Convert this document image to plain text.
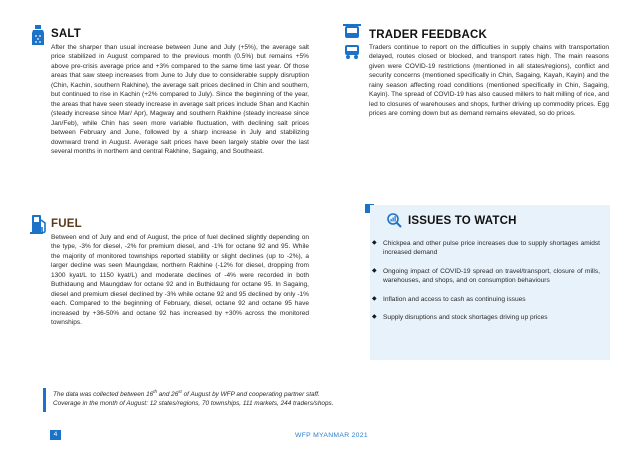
SALT
After the sharper than usual increase between June and July (+5%), the average salt price stabilized in August compared to the previous month (0.5%) but remains +5% above pre-crisis average price and +3% compared to the same time last year. Of those areas that saw steep increases from June to July due to considerable supply disruption (Chin, Kachin, southern Rakhine), the average salt prices declined in Chin and southern, but continued to rise in Kachin (+2% compared to July). Since the beginning of the year, the areas that have seen steady increase in average salt prices include Shan and Kachin (steady increase since Mar/ Apr), Magway and southern Rakhine (steady increase since Jan/Feb), while Chin has seen more variable fluctuation, with declining salt prices between February and June, followed by a sharp increase in July and stabilizing downward trend in August. Average salt prices have been largely stable over the last several months in northern and central Rakhine, Sagaing, and Southeast.
TRADER FEEDBACK
Traders continue to report on the difficulties in supply chains with transportation delayed, routes closed or blocked, and transport rates high. The main reasons given were COVID-19 restrictions (mentioned in all states/regions), conflict and security concerns (mentioned specifically in Chin, Sagaing, Kayah, Kayin) and the rainy season affecting road conditions (mentioned specifically in Chin, Sagaing, Kayin). The spread of COVID-19 has also caused millers to halt milling of rice, and led to closures of warehouses and shops, further driving up commodity prices. Egg prices are coming down but as demand remains elevated, so do prices.
FUEL
Between end of July and end of August, the price of fuel declined slightly depending on the type, -3% for diesel, -2% for premium diesel, and -1% for octane 92 and 95. While the majority of monitored townships reported stability or slight declines (up to -2%), a larger decline was seen Maungdaw, northern Rakhine (-12% for diesel, dropping from 1300 kyat/L to 1150 kyat/L) and moderate declines of -4% were recorded in both Buthidaung and Maungdaw for octane 92 and in Buthidaung for octane 95. In Sagaing, diesel and premium diesel declined by -3% while octane 92 and 95 declined by only -1% each. Compared to the beginning of February, diesel, octane 92 and octane 95 have increased by +36-50% and octane 92 has increased by +30% across the monitored townships.
ISSUES TO WATCH
◆ Chickpea and other pulse price increases due to supply shortages amidst increased demand
◆ Ongoing impact of COVID-19 spread on travel/transport, closure of mills, warehouses, and shops, and on consumption behaviours
◆ Inflation and access to cash as continuing issues
◆ Supply disruptions and stock shortages driving up prices
The data was collected between 16th and 26st of August by WFP and cooperating partner staff.
Coverage in the month of August: 12 states/regions, 70 townships, 111 markets, 244 traders/shops.
4	WFP MYANMAR 2021
